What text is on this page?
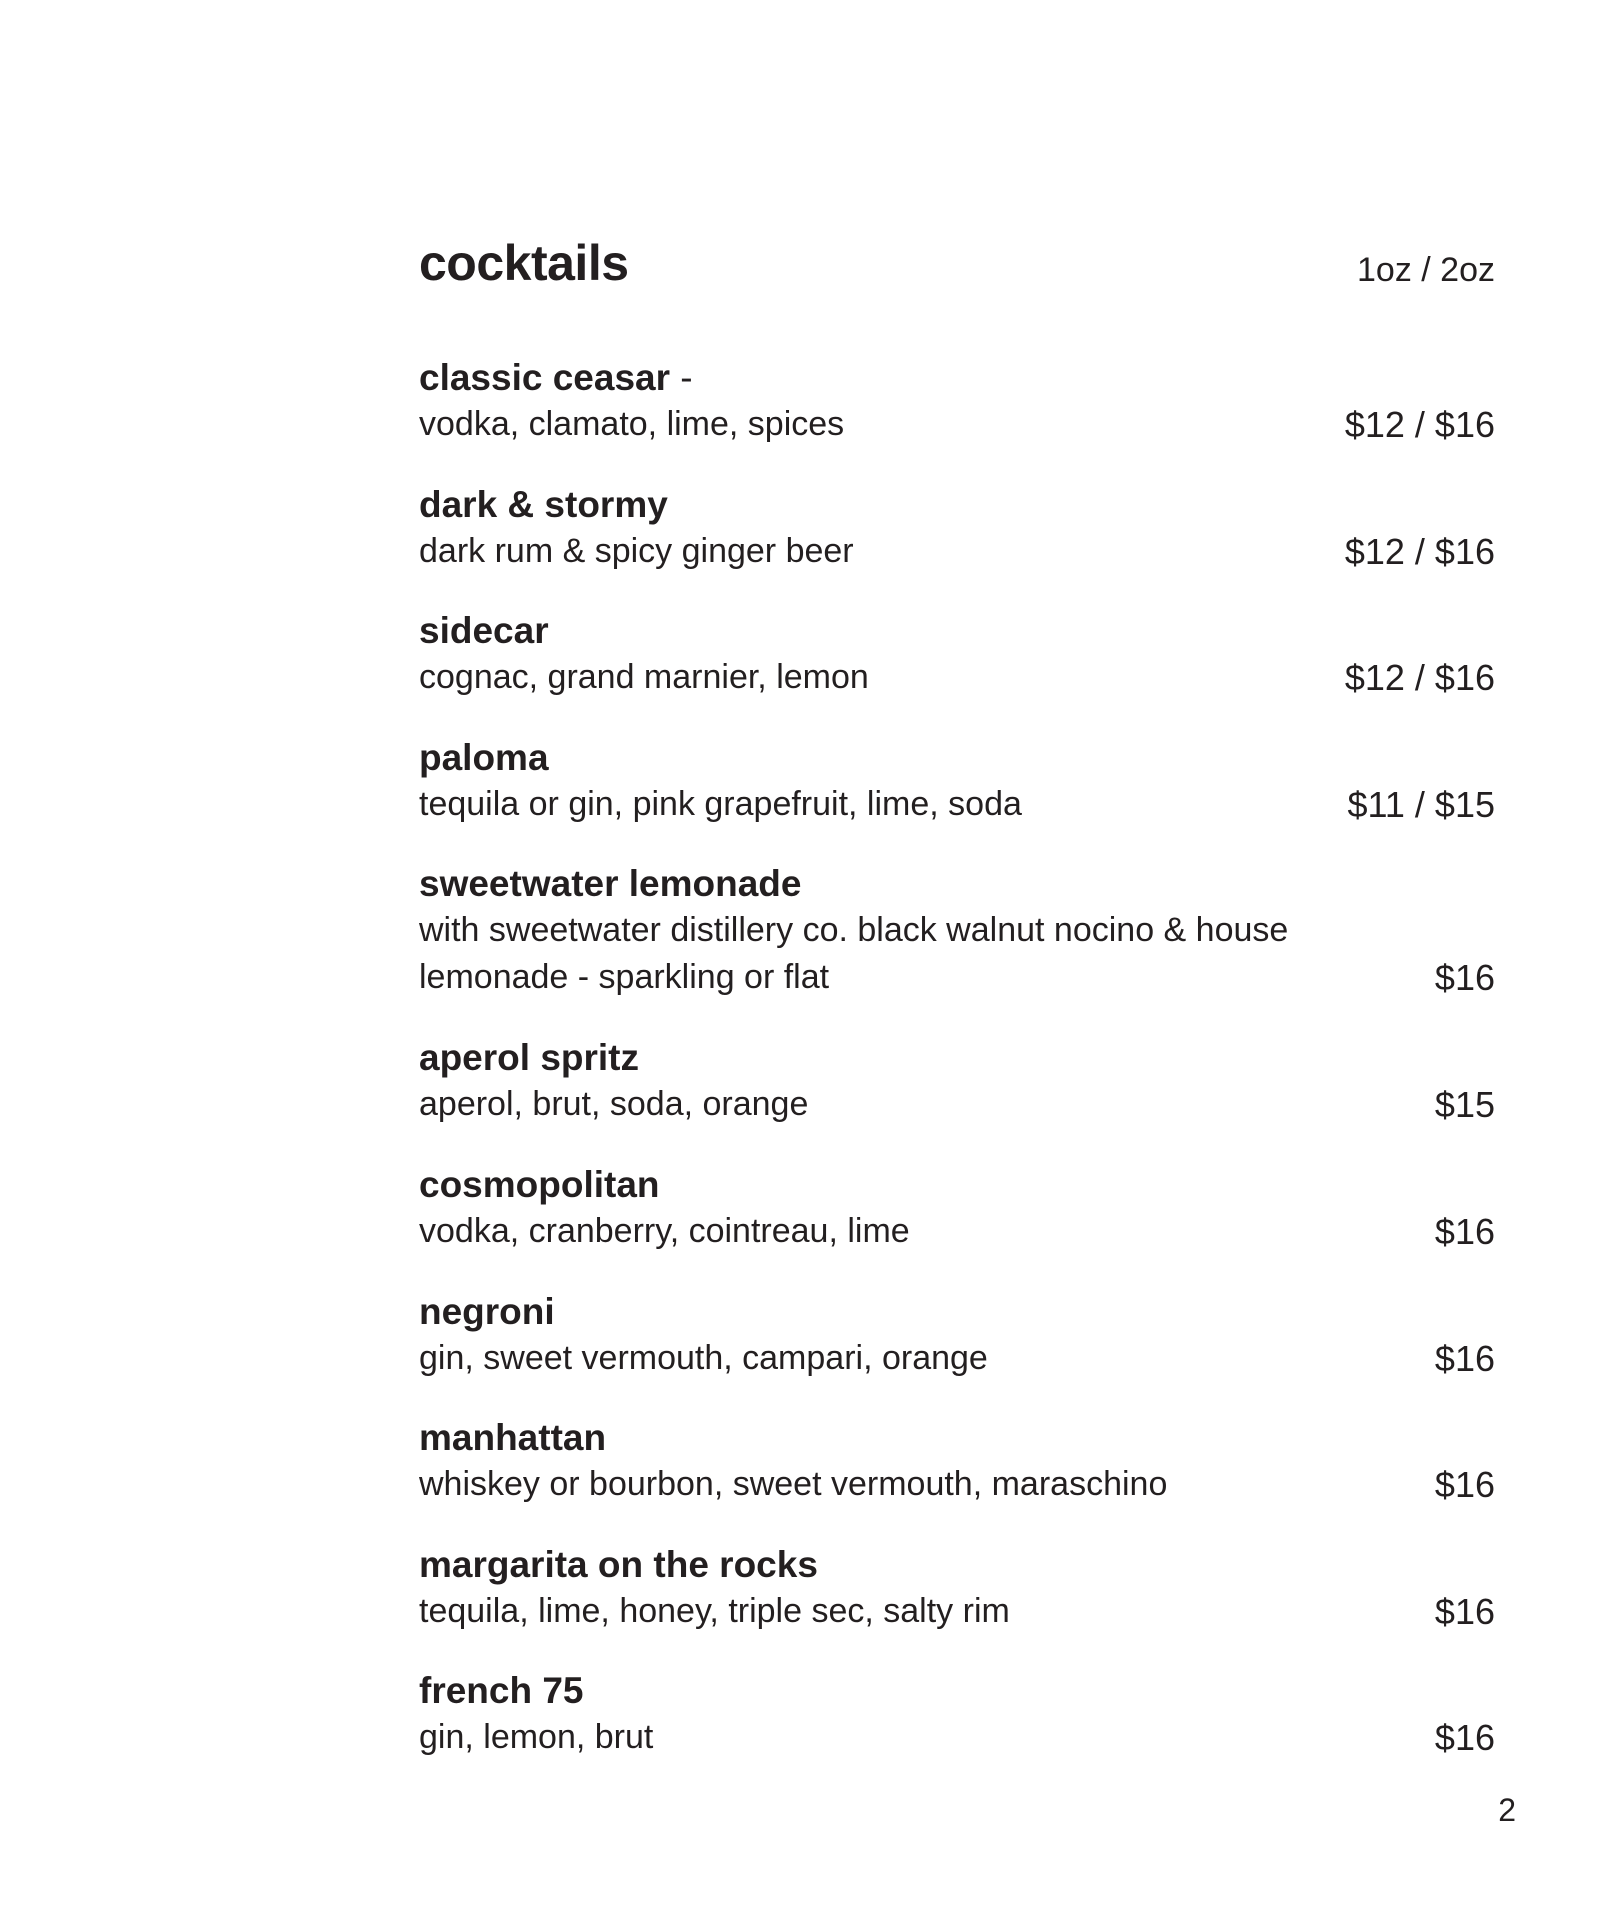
cocktails	1oz / 2oz
classic ceasar -
vodka, clamato, lime, spices	$12 / $16
dark & stormy
dark rum & spicy ginger beer	$12 / $16
sidecar
cognac, grand marnier, lemon	$12 / $16
paloma
tequila or gin, pink grapefruit, lime, soda	$11 / $15
sweetwater lemonade
with sweetwater distillery co. black walnut nocino & house
lemonade - sparkling or flat	$16
aperol spritz
aperol, brut, soda, orange	$15
cosmopolitan
vodka, cranberry, cointreau, lime	$16
negroni
gin, sweet vermouth, campari, orange	$16
manhattan
whiskey or bourbon, sweet vermouth, maraschino	$16
margarita on the rocks
tequila, lime, honey, triple sec, salty rim	$16
french 75
gin, lemon, brut	$16
2
